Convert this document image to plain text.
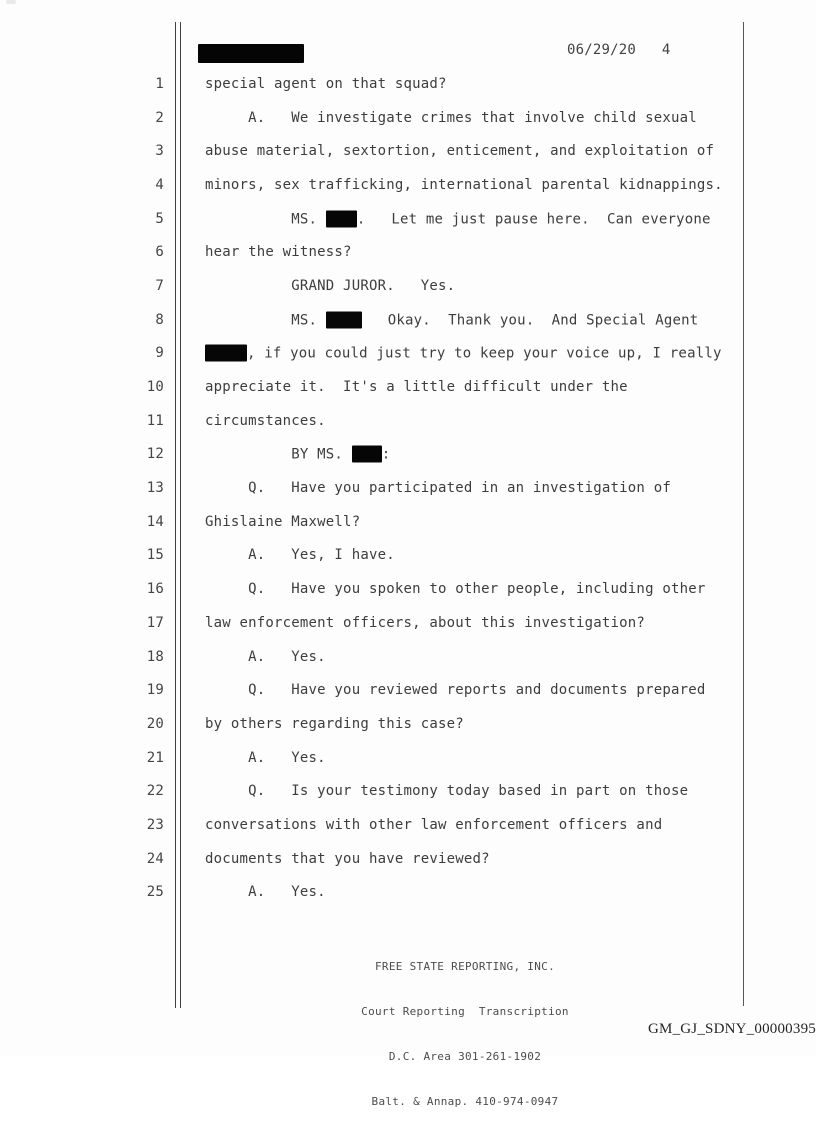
06/29/20   4
1	special agent on that squad?
2	A.   We investigate crimes that involve child sexual
3	abuse material, sextortion, enticement, and exploitation of
4	minors, sex trafficking, international parental kidnappings.
5	MS. .   Let me just pause here.  Can everyone
6	hear the witness?
7	GRAND JUROR.   Yes.
8	MS.	Okay.  Thank you.  And Special Agent
9	, if you could just try to keep your voice up, I really
10	appreciate it.  It's a little difficult under the
11	circumstances.
12	BY MS. :
13	Q.   Have you participated in an investigation of
14	Ghislaine Maxwell?
15	A.   Yes, I have.
16	Q.   Have you spoken to other people, including other
17	law enforcement officers, about this investigation?
18	A.   Yes.
19	Q.   Have you reviewed reports and documents prepared
20	by others regarding this case?
21	A.   Yes.
22	Q.   Is your testimony today based in part on those
23	conversations with other law enforcement officers and
24	documents that you have reviewed?
25	A.   Yes.

FREE STATE REPORTING, INC.

Court Reporting  Transcription

D.C. Area 301-261-1902

Balt. & Annap. 410-974-0947

GM_GJ_SDNY_00000395
